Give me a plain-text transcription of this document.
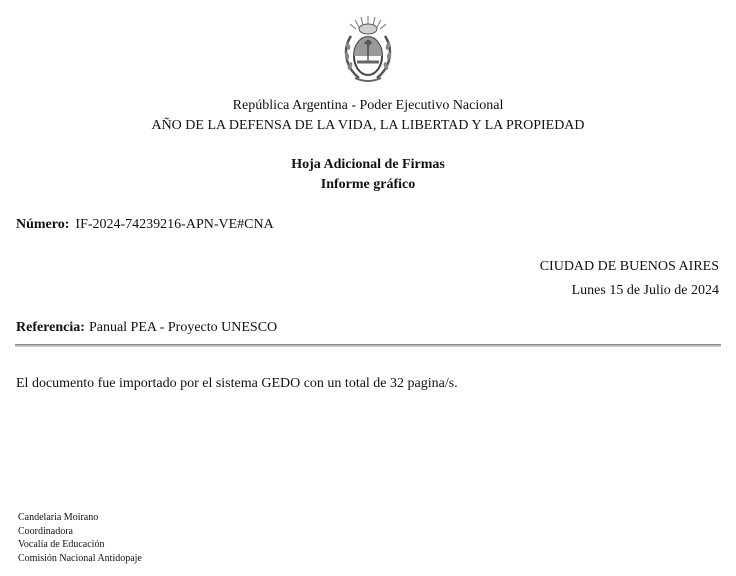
República Argentina - Poder Ejecutivo Nacional
AÑO DE LA DEFENSA DE LA VIDA, LA LIBERTAD Y LA PROPIEDAD
Hoja Adicional de Firmas
Informe gráfico
Número: IF-2024-74239216-APN-VE#CNA
CIUDAD DE BUENOS AIRES
Lunes 15 de Julio de 2024
Referencia: Panual PEA - Proyecto UNESCO
El documento fue importado por el sistema GEDO con un total de 32 pagina/s.
Candelaria Moirano
Coordinadora
Vocalía de Educación
Comisión Nacional Antidopaje
